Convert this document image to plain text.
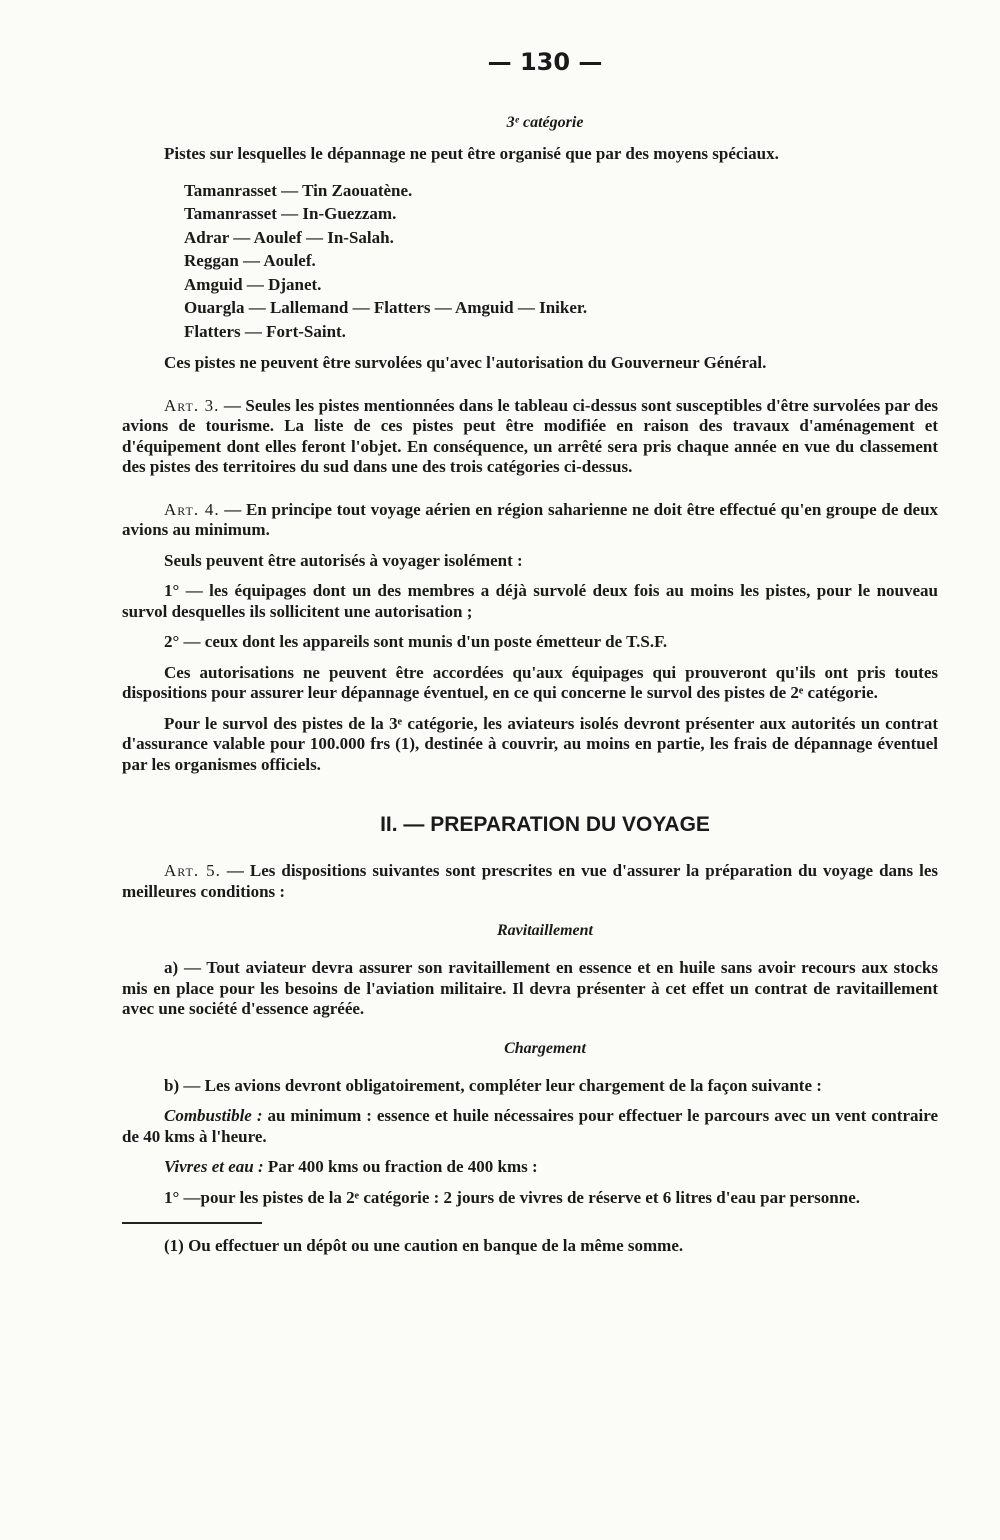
— 130 —
3ᵉ catégorie

Pistes sur lesquelles le dépannage ne peut être organisé que par des moyens spéciaux.

Tamanrasset — Tin Zaouatène.
Tamanrasset — In-Guezzam.
Adrar — Aoulef — In-Salah.
Reggan — Aoulef.
Amguid — Djanet.
Ouargla — Lallemand — Flatters — Amguid — Iniker.
Flatters — Fort-Saint.

Ces pistes ne peuvent être survolées qu'avec l'autorisation du Gouverneur Général.

Art. 3. — Seules les pistes mentionnées dans le tableau ci-dessus sont susceptibles d'être survolées par des avions de tourisme. La liste de ces pistes peut être modifiée en raison des travaux d'aménagement et d'équipement dont elles feront l'objet. En conséquence, un arrêté sera pris chaque année en vue du classement des pistes des territoires du sud dans une des trois catégories ci-dessus.

Art. 4. — En principe tout voyage aérien en région saharienne ne doit être effectué qu'en groupe de deux avions au minimum.

Seuls peuvent être autorisés à voyager isolément :

1° — les équipages dont un des membres a déjà survolé deux fois au moins les pistes, pour le nouveau survol desquelles ils sollicitent une autorisation ;

2° — ceux dont les appareils sont munis d'un poste émetteur de T.S.F.

Ces autorisations ne peuvent être accordées qu'aux équipages qui prouveront qu'ils ont pris toutes dispositions pour assurer leur dépannage éventuel, en ce qui concerne le survol des pistes de 2ᵉ catégorie.

Pour le survol des pistes de la 3ᵉ catégorie, les aviateurs isolés devront présenter aux autorités un contrat d'assurance valable pour 100.000 frs (1), destinée à couvrir, au moins en partie, les frais de dépannage éventuel par les organismes officiels.

II. — PREPARATION DU VOYAGE

Art. 5. — Les dispositions suivantes sont prescrites en vue d'assurer la préparation du voyage dans les meilleures conditions :

Ravitaillement

a) — Tout aviateur devra assurer son ravitaillement en essence et en huile sans avoir recours aux stocks mis en place pour les besoins de l'aviation militaire. Il devra présenter à cet effet un contrat de ravitaillement avec une société d'essence agréée.

Chargement

b) — Les avions devront obligatoirement, compléter leur chargement de la façon suivante :

Combustible : au minimum : essence et huile nécessaires pour effectuer le parcours avec un vent contraire de 40 kms à l'heure.

Vivres et eau : Par 400 kms ou fraction de 400 kms :

1° —pour les pistes de la 2ᵉ catégorie : 2 jours de vivres de réserve et 6 litres d'eau par personne.

(1) Ou effectuer un dépôt ou une caution en banque de la même somme.
